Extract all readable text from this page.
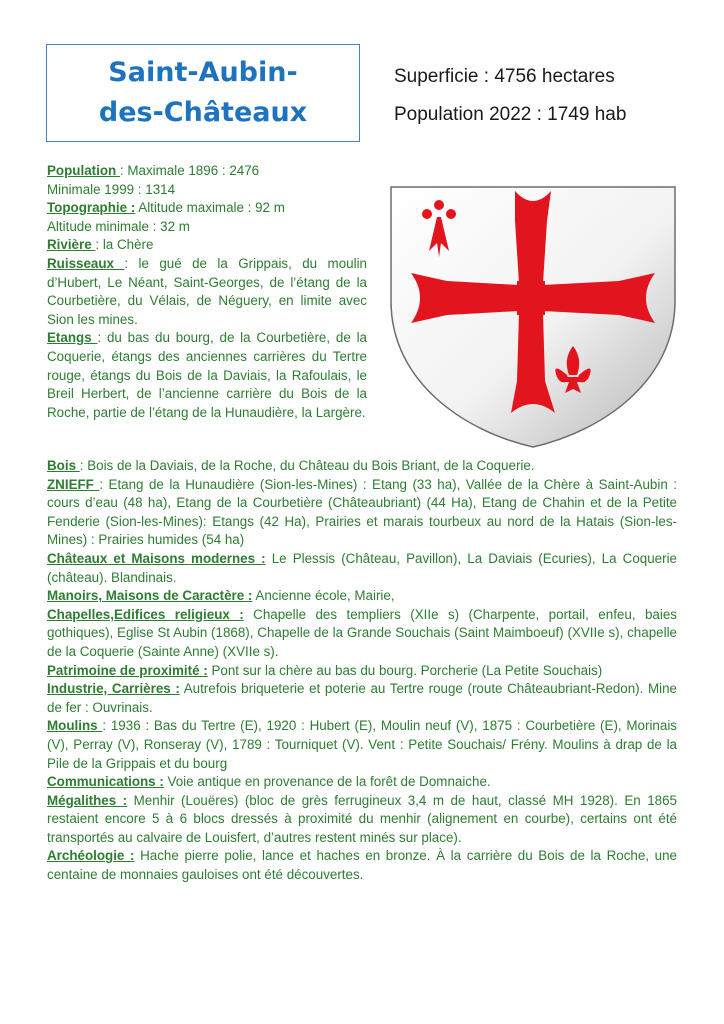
Saint-Aubin-
des-Châteaux
Superficie : 4756 hectares
Population 2022 : 1749 hab
Population : Maximale 1896 : 2476
Minimale 1999 : 1314
Topographie : Altitude maximale : 92 m
Altitude minimale : 32 m
Rivière : la Chère

Ruisseaux : le gué de la Grippais, du moulin d’Hubert, Le Néant, Saint-Georges, de l’étang de la Courbetière, du Vélais, de Néguery, en limite avec Sion les mines.

Etangs : du bas du bourg, de la Courbetière, de la Coquerie, étangs des anciennes carrières du Tertre rouge, étangs du Bois de la Daviais, la Rafoulais, le Breil Herbert, de l’ancienne carrière du Bois de la Roche, partie de l’étang de la Hunaudière, la Largère.

Bois : Bois de la Daviais, de la Roche, du Château du Bois Briant, de la Coquerie.

ZNIEFF : Etang de la Hunaudière (Sion-les-Mines) : Etang (33 ha), Vallée de la Chère à Saint-Aubin : cours d’eau (48 ha), Etang de la Courbetière (Châteaubriant) (44 Ha), Etang de Chahin et de la Petite Fenderie (Sion-les-Mines): Etangs (42 Ha), Prairies et marais tourbeux au nord de la Hatais (Sion-les-Mines) : Prairies humides (54 ha)

Châteaux et Maisons modernes : Le Plessis (Château, Pavillon), La Daviais (Ecuries), La Coquerie (château). Blandinais.

Manoirs, Maisons de Caractère : Ancienne école, Mairie,

Chapelles,Edifices religieux : Chapelle des templiers (XIIe s) (Charpente, portail, enfeu, baies gothiques), Eglise St Aubin (1868), Chapelle de la Grande Souchais (Saint Maimboeuf) (XVIIe s), chapelle de la Coquerie (Sainte Anne) (XVIIe s).

Patrimoine de proximité : Pont sur la chère au bas du bourg. Porcherie (La Petite Souchais)

Industrie, Carrières : Autrefois briqueterie et poterie au Tertre rouge (route Châteaubriant-Redon). Mine de fer : Ouvrinais.

Moulins : 1936 : Bas du Tertre (E), 1920 : Hubert (E), Moulin neuf (V), 1875 : Courbetière (E), Morinais (V), Perray (V), Ronseray (V), 1789 : Tourniquet (V). Vent : Petite Souchais/ Frény. Moulins à drap de la Pile de la Grippais et du bourg

Communications : Voie antique en provenance de la forêt de Domnaiche.

Mégalithes : Menhir (Louëres) (bloc de grès ferrugineux 3,4 m de haut, classé MH 1928). En 1865 restaient encore 5 à 6 blocs dressés à proximité du menhir (alignement en courbe), certains ont été transportés au calvaire de Louisfert, d’autres restent minés sur place).

Archéologie : Hache pierre polie, lance et haches en bronze. À la carrière du Bois de la Roche, une centaine de monnaies gauloises ont été découvertes.
